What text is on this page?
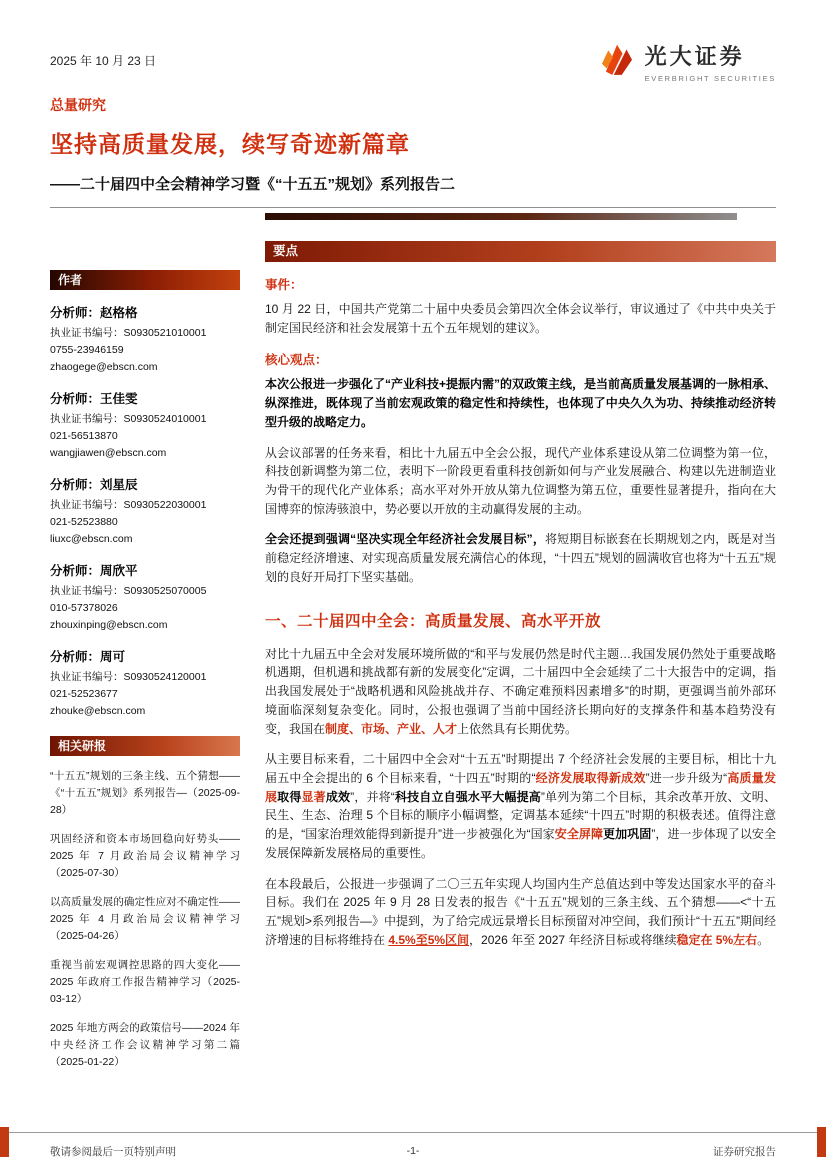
2025 年 10 月 23 日	光大证券
EVERBRIGHT SECURITIES
总量研究
坚持高质量发展，续写奇迹新篇章
——二十届四中全会精神学习暨《“十五五”规划》系列报告二
作者
分析师：赵格格
执业证书编号：S0930521010001
0755-23946159
zhaogege@ebscn.com
分析师：王佳雯
执业证书编号：S0930524010001
021-56513870
wangjiawen@ebscn.com
分析师：刘星辰
执业证书编号：S0930522030001
021-52523880
liuxc@ebscn.com
分析师：周欣平
执业证书编号：S0930525070005
010-57378026
zhouxinping@ebscn.com
分析师：周可
执业证书编号：S0930524120001
021-52523677
zhouke@ebscn.com
相关研报
“十五五”规划的三条主线、五个猜想——《“十五五”规划》系列报告—（2025-09-28）
巩固经济和资本市场回稳向好势头——2025 年 7 月政治局会议精神学习（2025-07-30）
以高质量发展的确定性应对不确定性——2025 年 4 月政治局会议精神学习（2025-04-26）
重视当前宏观调控思路的四大变化——2025 年政府工作报告精神学习（2025-03-12）
2025 年地方两会的政策信号——2024 年中央经济工作会议精神学习第二篇（2025-01-22）
要点
事件：

10 月 22 日，中国共产党第二十届中央委员会第四次全体会议举行，审议通过了《中共中央关于制定国民经济和社会发展第十五个五年规划的建议》。

核心观点：

本次公报进一步强化了“产业科技+提振内需”的双政策主线，是当前高质量发展基调的一脉相承、纵深推进，既体现了当前宏观政策的稳定性和持续性，也体现了中央久久为功、持续推动经济转型升级的战略定力。

从会议部署的任务来看，相比十九届五中全会公报，现代产业体系建设从第二位调整为第一位，科技创新调整为第二位，表明下一阶段更看重科技创新如何与产业发展融合、构建以先进制造业为骨干的现代化产业体系；高水平对外开放从第九位调整为第五位，重要性显著提升，指向在大国博弈的惊涛骇浪中，势必要以开放的主动赢得发展的主动。

全会还提到强调“坚决实现全年经济社会发展目标”，将短期目标嵌套在长期规划之内，既是对当前稳定经济增速、对实现高质量发展充满信心的体现，“十四五”规划的圆满收官也将为“十五五”规划的良好开局打下坚实基础。

一、二十届四中全会：高质量发展、高水平开放

对比十九届五中全会对发展环境所做的“和平与发展仍然是时代主题…我国发展仍然处于重要战略机遇期，但机遇和挑战都有新的发展变化”定调，二十届四中全会延续了二十大报告中的定调，指出我国发展处于“战略机遇和风险挑战并存、不确定难预料因素增多”的时期，更强调当前外部环境面临深刻复杂变化。同时，公报也强调了当前中国经济长期向好的支撑条件和基本趋势没有变，我国在制度、市场、产业、人才上依然具有长期优势。

从主要目标来看，二十届四中全会对“十五五”时期提出 7 个经济社会发展的主要目标，相比十九届五中全会提出的 6 个目标来看，“十四五”时期的“经济发展取得新成效”进一步升级为“高质量发展取得显著成效”，并将“科技自立自强水平大幅提高”单列为第二个目标，其余改革开放、文明、民生、生态、治理 5 个目标的顺序小幅调整，定调基本延续“十四五”时期的积极表述。值得注意的是，“国家治理效能得到新提升”进一步被强化为“国家安全屏障更加巩固”，进一步体现了以安全发展保障新发展格局的重要性。

在本段最后，公报进一步强调了二〇三五年实现人均国内生产总值达到中等发达国家水平的奋斗目标。我们在 2025 年 9 月 28 日发表的报告《“十五五”规划的三条主线、五个猜想——<“十五五”规划>系列报告—》中提到，为了给完成远景增长目标预留对冲空间，我们预计“十五五”期间经济增速的目标将维持在 4.5%至5%区间，2026 年至 2027 年经济目标或将继续稳定在 5%左右。

敬请参阅最后一页特别声明	-1-	证券研究报告
